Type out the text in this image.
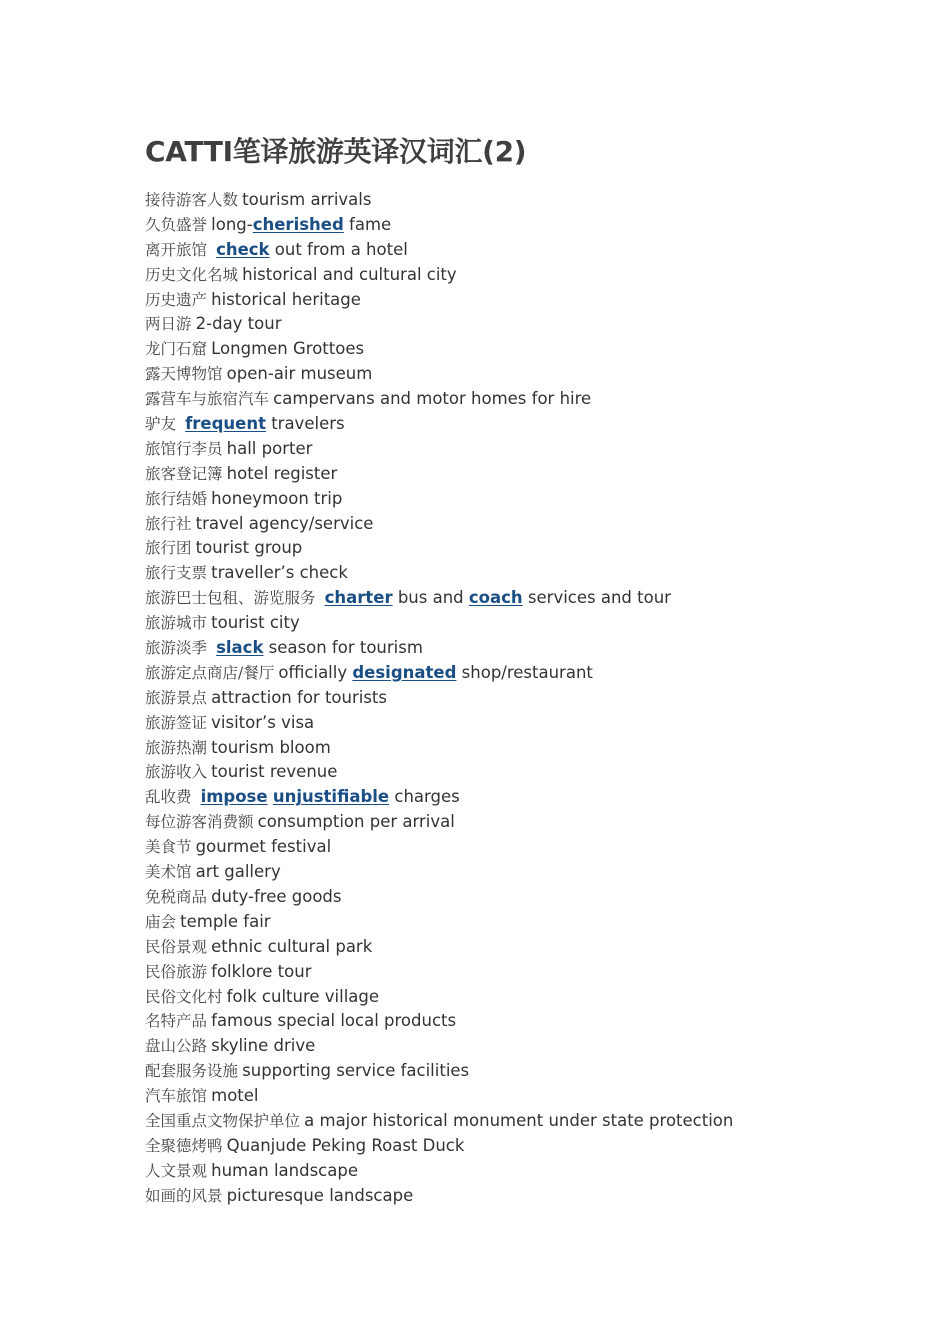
CATTI笔译旅游英译汉词汇(2)
接待游客人数 tourism arrivals
久负盛誉 long-cherished fame
离开旅馆  check out from a hotel
历史文化名城 historical and cultural city
历史遗产 historical heritage
两日游 2-day tour
龙门石窟 Longmen Grottoes
露天博物馆 open-air museum
露营车与旅宿汽车 campervans and motor homes for hire
驴友  frequent travelers
旅馆行李员 hall porter
旅客登记簿 hotel register
旅行结婚 honeymoon trip
旅行社 travel agency/service
旅行团 tourist group
旅行支票 traveller’s check
旅游巴士包租、游览服务  charter bus and coach services and tour
旅游城市 tourist city
旅游淡季  slack season for tourism
旅游定点商店/餐厅 officially designated shop/restaurant
旅游景点 attraction for tourists
旅游签证 visitor’s visa
旅游热潮 tourism bloom
旅游收入 tourist revenue
乱收费  impose unjustifiable charges
每位游客消费额 consumption per arrival
美食节 gourmet festival
美术馆 art gallery
免税商品 duty-free goods
庙会 temple fair
民俗景观 ethnic cultural park
民俗旅游 folklore tour
民俗文化村 folk culture village
名特产品 famous special local products
盘山公路 skyline drive
配套服务设施 supporting service facilities
汽车旅馆 motel
全国重点文物保护单位 a major historical monument under state protection
全聚德烤鸭 Quanjude Peking Roast Duck
人文景观 human landscape
如画的风景 picturesque landscape
